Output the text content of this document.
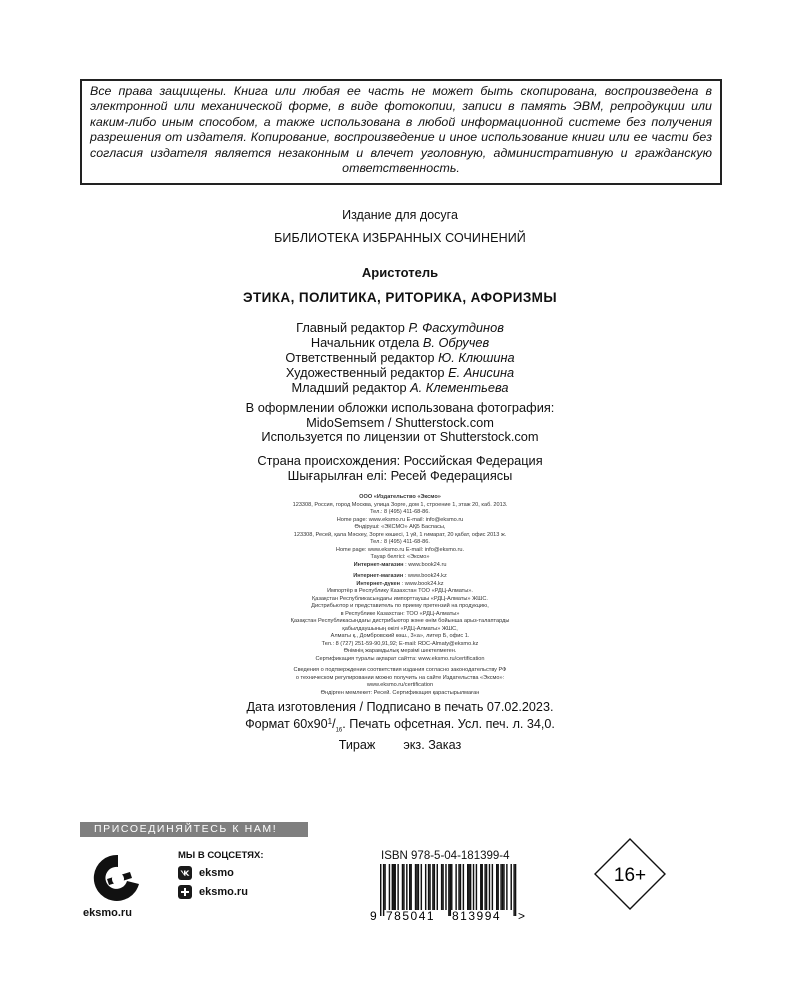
Все права защищены. Книга или любая ее часть не может быть скопирована, воспроизведена в электронной или механической форме, в виде фотокопии, записи в память ЭВМ, репродукции или каким-либо иным способом, а также использована в любой информационной системе без получения разрешения от издателя. Копирование, воспроизведение и иное использование книги или ее части без согласия издателя является незаконным и влечет уголовную, административную и гражданскую ответственность.

Издание для досуга
БИБЛИОТЕКА ИЗБРАННЫХ СОЧИНЕНИЙ
Аристотель
ЭТИКА, ПОЛИТИКА, РИТОРИКА, АФОРИЗМЫ
Главный редактор Р. Фасхутдинов
Начальник отдела В. Обручев
Ответственный редактор Ю. Клюшина
Художественный редактор Е. Анисина
Младший редактор А. Клементьева
В оформлении обложки использована фотография:
MidoSemsem / Shutterstock.com
Используется по лицензии от Shutterstock.com
Страна происхождения: Российская Федерация
Шығарылған елі: Ресей Федерациясы
ООО «Издательство «Эксмо»
123308, Россия, город Москва, улица Зорге, дом 1, строение 1, этаж 20, каб. 2013.
Тел.: 8 (495) 411-68-86.
Home page: www.eksmo.ru E-mail: info@eksmo.ru
Өндіруші: «ЭКСМО» АҚБ Баспасы,
123308, Ресей, қала Мәскеу, Зорге көшесі, 1 үй, 1 ғимарат, 20 қабат, офис 2013 ж.
Тел.: 8 (495) 411-68-86.
Home page: www.eksmo.ru E-mail: info@eksmo.ru.
Тауар белгісі: «Эксмо»
Интернет-магазин : www.book24.ru
Интернет-магазин : www.book24.kz
Интернет-дүкен : www.book24.kz
Импортёр в Республику Казахстан ТОО «РДЦ-Алматы».
Қазақстан Республикасындағы импорттаушы «РДЦ-Алматы» ЖШС.
Дистрибьютор и представитель по приему претензий на продукцию,
в Республике Казахстан: ТОО «РДЦ-Алматы»
Қазақстан Республикасындағы дистрибьютор және өнім бойынша арыз-талаптарды
қабылдаушының өкілі «РДЦ-Алматы» ЖШС,
Алматы қ., Домбровский көш., 3«а», литер Б, офис 1.
Тел.: 8 (727) 251-59-90,91,92; E-mail: RDC-Almaty@eksmo.kz
Өнімнің жарамдылық мерзімі шектелмеген.
Сертификация туралы ақпарат сайтта: www.eksmo.ru/certification
Сведения о подтверждении соответствия издания согласно законодательству РФ
о техническом регулировании можно получить на сайте Издательства «Эксмо»:
www.eksmo.ru/certification
Өндірген мемлекет: Ресей. Сертификация қарастырылмаған
Дата изготовления / Подписано в печать 07.02.2023.
Формат $60x90^1/_{16}$. Печать офсетная. Усл. печ. л. 34,0.
Тираж        экз. Заказ
ПРИСОЕДИНЯЙТЕСЬ К НАМ!
eksmo.ru
МЫ В СОЦСЕТЯХ:
eksmo
eksmo.ru
ISBN 978-5-04-181399-4
9 785041 813994 >
16+
